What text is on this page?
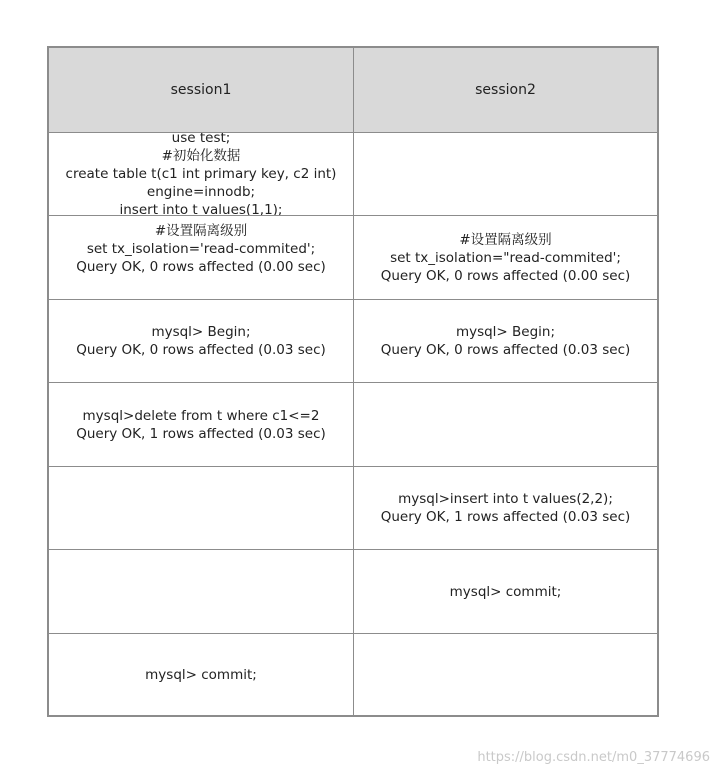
session1	session2
use test;
#初始化数据
create table t(c1 int primary key, c2 int)
engine=innodb;
insert into t values(1,1);
#设置隔离级别
set tx_isolation='read-commited';
Query OK, 0 rows affected (0.00 sec)
#设置隔离级别
set tx_isolation="read-commited';
Query OK, 0 rows affected (0.00 sec)
mysql> Begin;
Query OK, 0 rows affected (0.03 sec)
mysql> Begin;
Query OK, 0 rows affected (0.03 sec)
mysql>delete from t where c1<=2
Query OK, 1 rows affected (0.03 sec)
mysql>insert into t values(2,2);
Query OK, 1 rows affected (0.03 sec)
mysql> commit;
mysql> commit;
https://blog.csdn.net/m0_37774696
